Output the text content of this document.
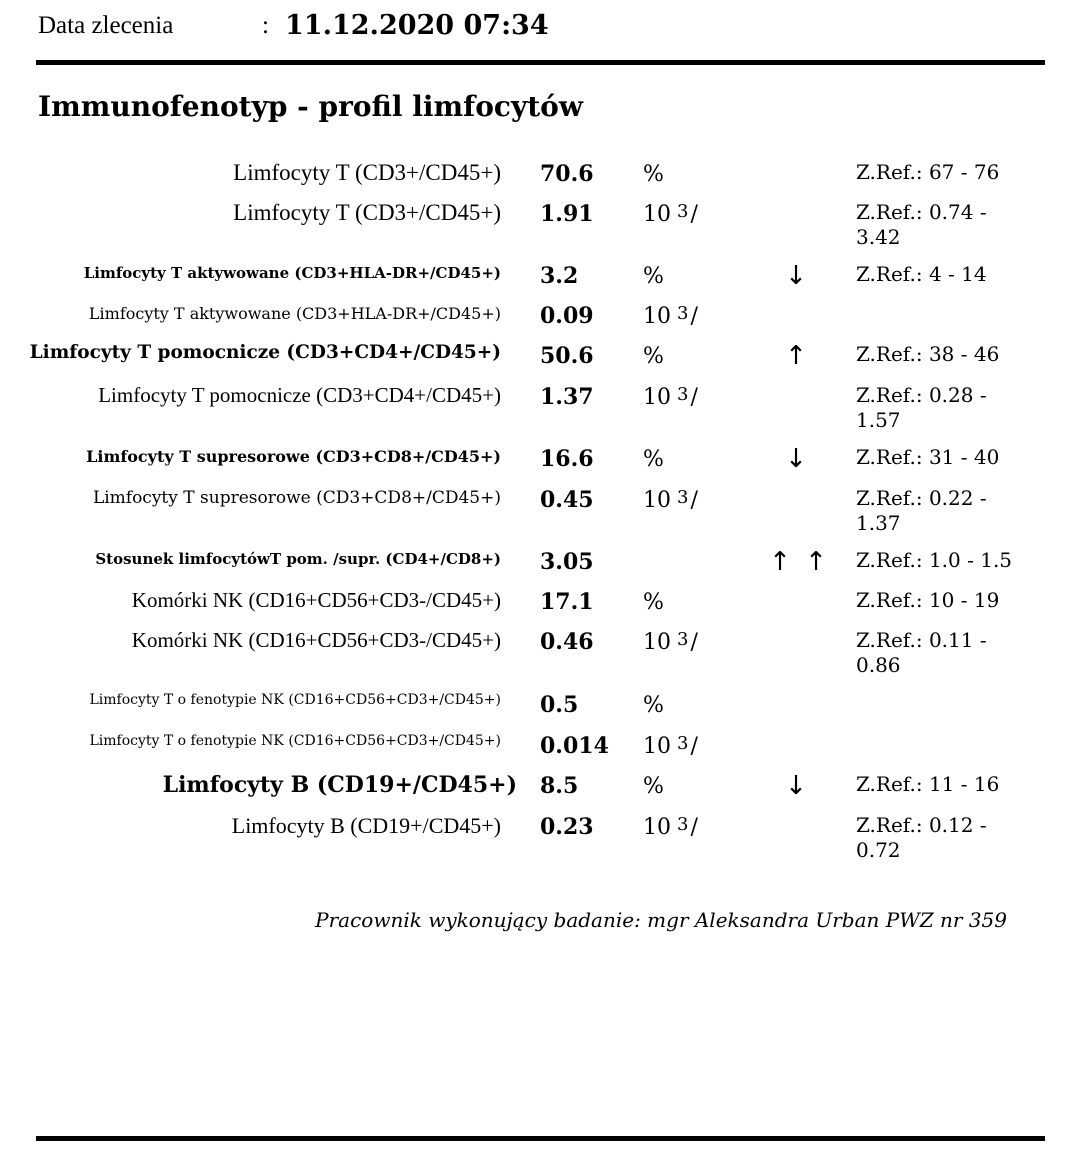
Data zlecenia	: 11.12.2020 07:34
Immunofenotyp - profil limfocytów
Limfocyty T (CD3+/CD45+) 70.6 %	Z.Ref.: 67 - 76
Limfocyty T (CD3+/CD45+) 1.91 10 $^3$/	Z.Ref.: 0.74 - 3.42
Limfocyty T aktywowane (CD3+HLA-DR+/CD45+) 3.2	%	↓	Z.Ref.: 4 - 14
Limfocyty T aktywowane (CD3+HLA-DR+/CD45+) 0.09 10 $^3$/
Limfocyty T pomocnicze (CD3+CD4+/CD45+) 50.6 %	↑	Z.Ref.: 38 - 46
Limfocyty T pomocnicze (CD3+CD4+/CD45+) 1.37 10 $^3$/	Z.Ref.: 0.28 - 1.57
Limfocyty T supresorowe (CD3+CD8+/CD45+) 16.6 %	↓	Z.Ref.: 31 - 40
Limfocyty T supresorowe (CD3+CD8+/CD45+) 0.45 10 $^3$/	Z.Ref.: 0.22 - 1.37
Stosunek limfocytówT pom. /supr. (CD4+/CD8+) 3.05	↑ ↑	Z.Ref.: 1.0 - 1.5
Komórki NK (CD16+CD56+CD3-/CD45+) 17.1 %	Z.Ref.: 10 - 19
Komórki NK (CD16+CD56+CD3-/CD45+) 0.46 10 $^3$/	Z.Ref.: 0.11 - 0.86
Limfocyty T o fenotypie NK (CD16+CD56+CD3+/CD45+) 0.5	%
Limfocyty T o fenotypie NK (CD16+CD56+CD3+/CD45+) 0.014 10 $^3$/
Limfocyty B (CD19+/CD45+) 8.5	%	↓	Z.Ref.: 11 - 16
Limfocyty B (CD19+/CD45+) 0.23 10 $^3$/	Z.Ref.: 0.12 - 0.72
Pracownik wykonujący badanie: mgr Aleksandra Urban PWZ nr 359
